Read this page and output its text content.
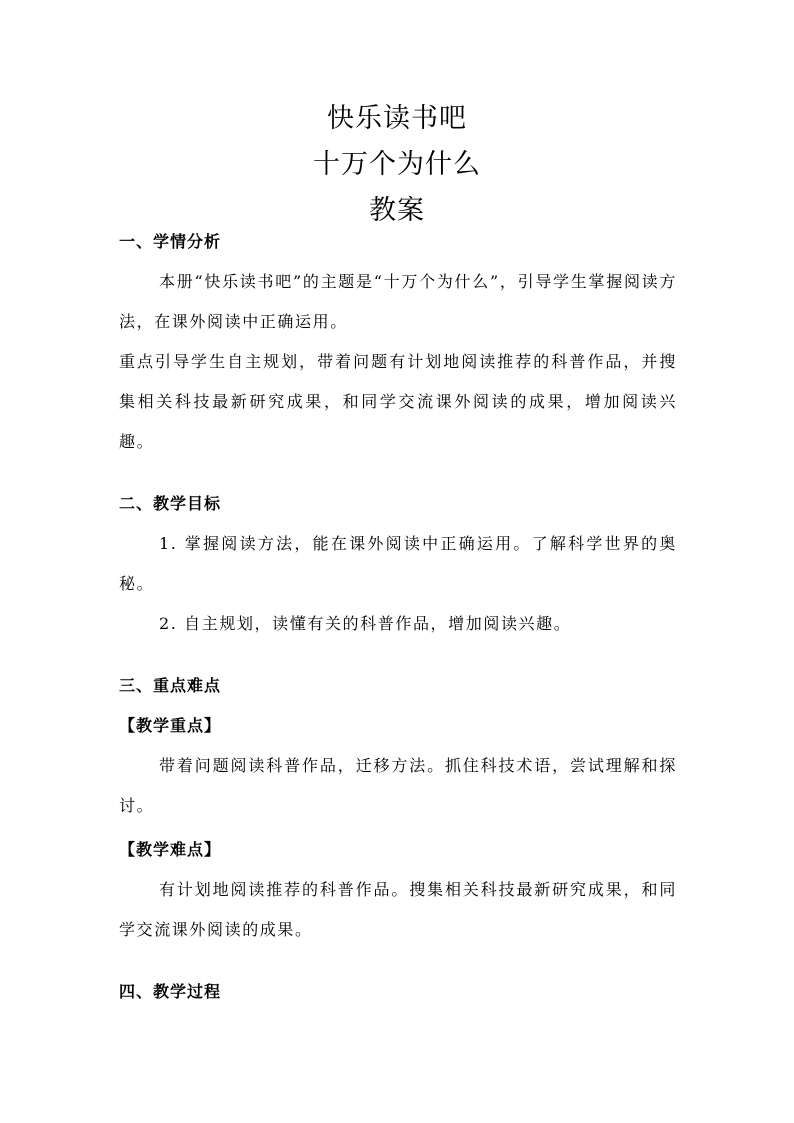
快乐读书吧
十万个为什么
教案
一、学情分析
本册“快乐读书吧”的主题是“十万个为什么”，引导学生掌握阅读方法，在课外阅读中正确运用。
重点引导学生自主规划，带着问题有计划地阅读推荐的科普作品，并搜集相关科技最新研究成果，和同学交流课外阅读的成果，增加阅读兴趣。
二、教学目标
1. 掌握阅读方法，能在课外阅读中正确运用。了解科学世界的奥秘。
2. 自主规划，读懂有关的科普作品，增加阅读兴趣。
三、重点难点
【教学重点】
带着问题阅读科普作品，迁移方法。抓住科技术语，尝试理解和探讨。
【教学难点】
有计划地阅读推荐的科普作品。搜集相关科技最新研究成果，和同学交流课外阅读的成果。
四、教学过程
